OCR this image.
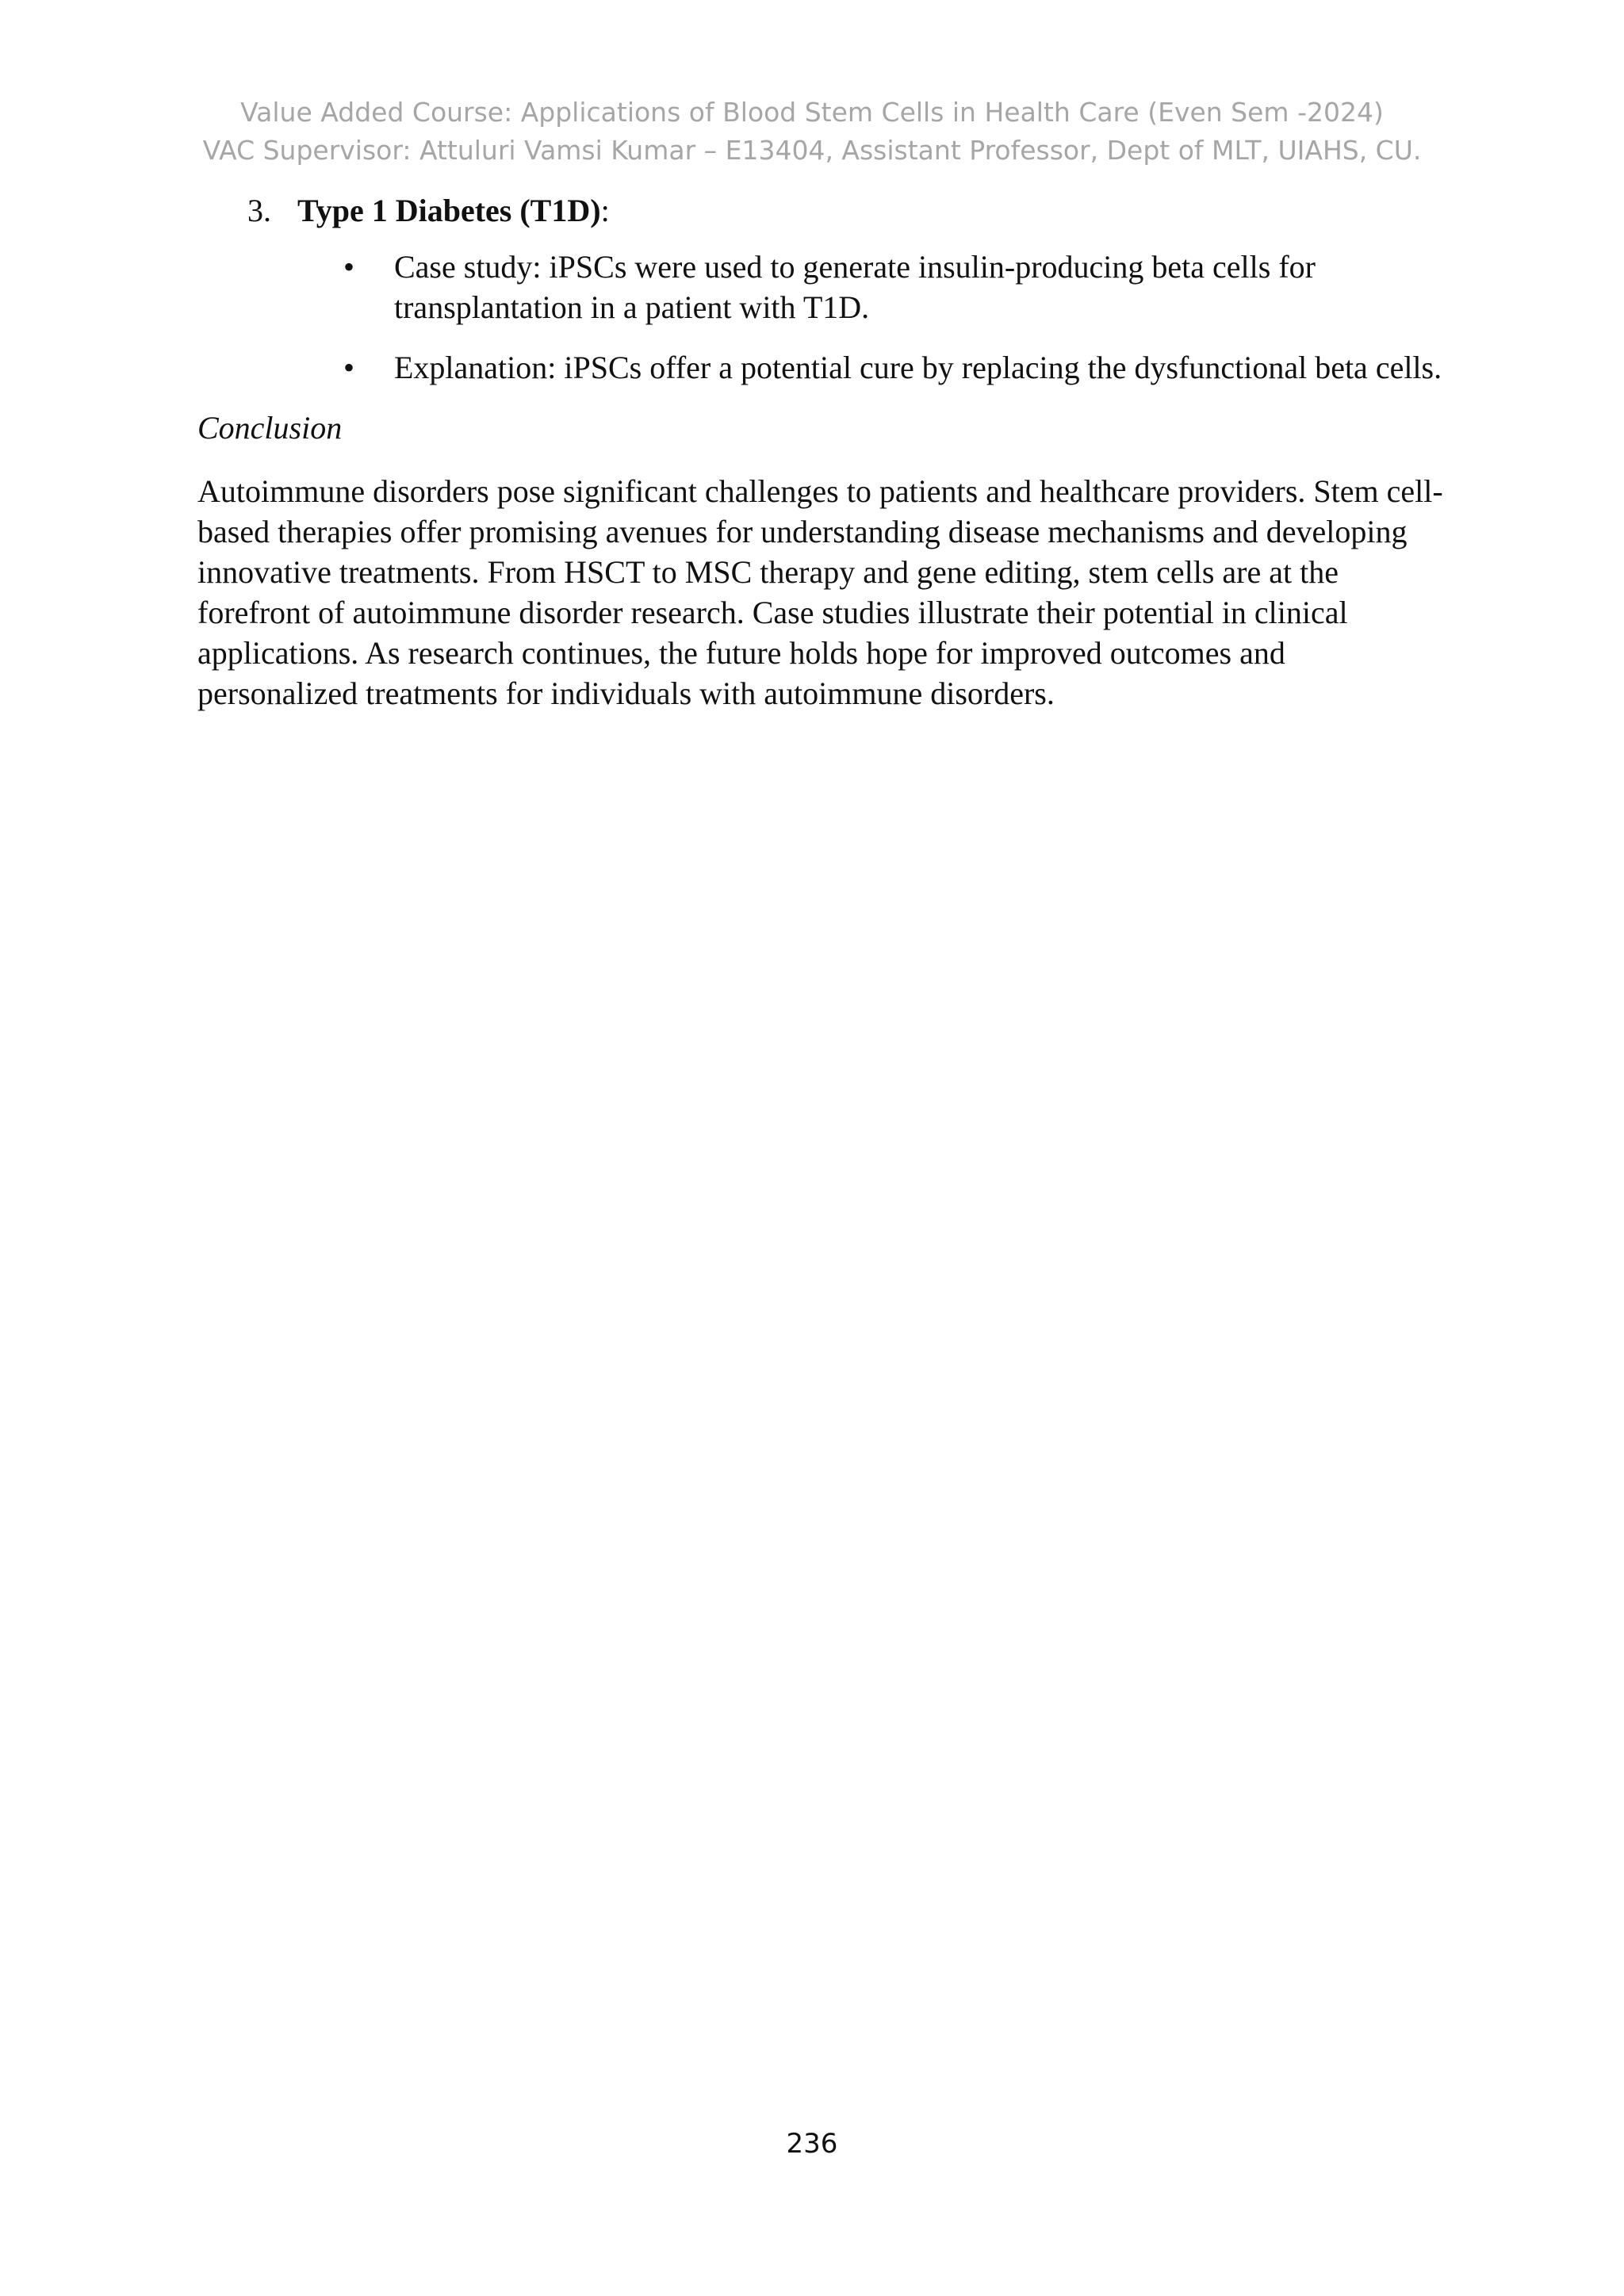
Value Added Course: Applications of Blood Stem Cells in Health Care (Even Sem -2024)
VAC Supervisor: Attuluri Vamsi Kumar – E13404, Assistant Professor, Dept of MLT, UIAHS, CU.
3. Type 1 Diabetes (T1D):
• Case study: iPSCs were used to generate insulin-producing beta cells for transplantation in a patient with T1D.
• Explanation: iPSCs offer a potential cure by replacing the dysfunctional beta cells.
Conclusion
Autoimmune disorders pose significant challenges to patients and healthcare providers. Stem cell-based therapies offer promising avenues for understanding disease mechanisms and developing innovative treatments. From HSCT to MSC therapy and gene editing, stem cells are at the forefront of autoimmune disorder research. Case studies illustrate their potential in clinical applications. As research continues, the future holds hope for improved outcomes and personalized treatments for individuals with autoimmune disorders.
236
